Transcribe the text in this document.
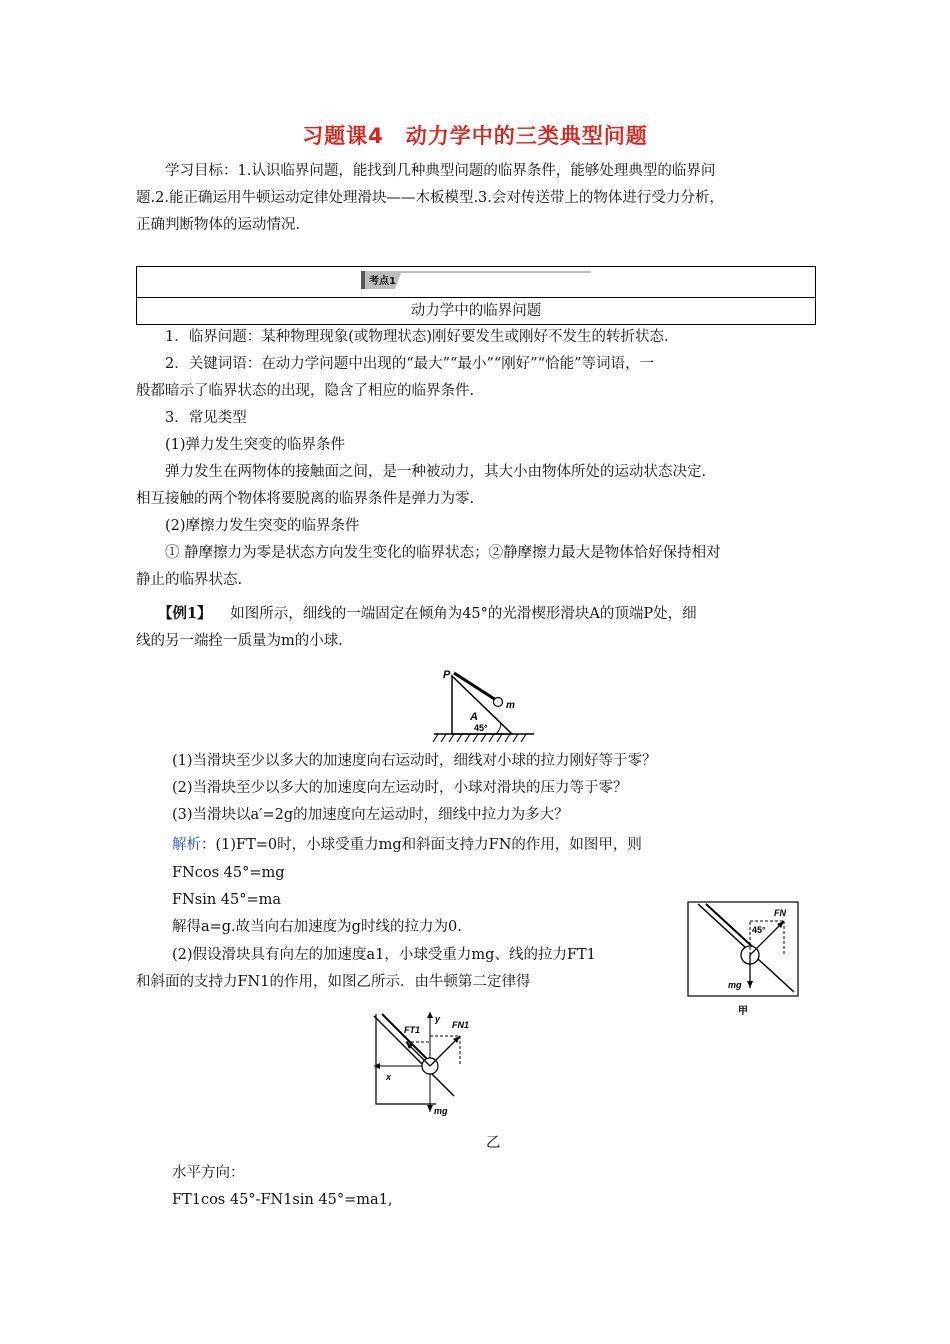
习题课4　动力学中的三类典型问题
学习目标：1.认识临界问题，能找到几种典型问题的临界条件，能够处理典型的临界问
题.2.能正确运用牛顿运动定律处理滑块——木板模型.3.会对传送带上的物体进行受力分析，
正确判断物体的运动情况.
考点1
动力学中的临界问题
1．临界问题：某种物理现象(或物理状态)刚好要发生或刚好不发生的转折状态.
2．关键词语：在动力学问题中出现的“最大”“最小”“刚好”“恰能”等词语，一
般都暗示了临界状态的出现，隐含了相应的临界条件.
3．常见类型
(1)弹力发生突变的临界条件
弹力发生在两物体的接触面之间，是一种被动力，其大小由物体所处的运动状态决定.
相互接触的两个物体将要脱离的临界条件是弹力为零.
(2)摩擦力发生突变的临界条件
① 静摩擦力为零是状态方向发生变化的临界状态；②静摩擦力最大是物体恰好保持相对
静止的临界状态.
【例1】 如图所示，细线的一端固定在倾角为45°的光滑楔形滑块A的顶端P处，细
线的另一端拴一质量为m的小球.
P
m
A
45°
(1)当滑块至少以多大的加速度向右运动时，细线对小球的拉力刚好等于零？
(2)当滑块至少以多大的加速度向左运动时，小球对滑块的压力等于零？
(3)当滑块以a′=2g的加速度向左运动时，细线中拉力为多大？
解析：(1)FT=0时，小球受重力mg和斜面支持力FN的作用，如图甲，则
FNcos 45°=mg
FNsin 45°=ma
解得a=g.故当向右加速度为g时线的拉力为0.
(2)假设滑块具有向左的加速度a1，小球受重力mg、线的拉力FT1
和斜面的支持力FN1的作用，如图乙所示．由牛顿第二定律得
FN
45°
mg
甲
FT1	FN1
y
x
mg
乙
水平方向：
FT1cos 45°-FN1sin 45°=ma1,
